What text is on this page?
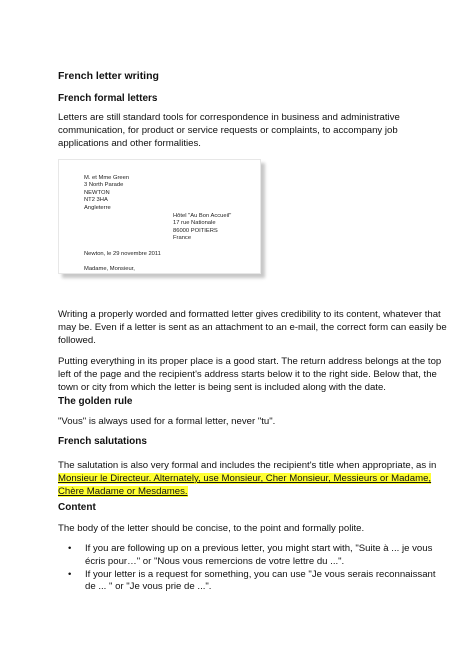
French letter writing
French formal letters
Letters are still standard tools for correspondence in business and administrative
communication, for product or service requests or complaints, to accompany job
applications and other formalities.
M. et Mme Green
3 North Parade
NEWTON
NT2 3HA
Angleterre
Hôtel "Au Bon Accueil"
17 rue Nationale
86000 POITIERS
France
Newton, le 29 novembre 2011
Madame, Monsieur,
Writing a properly worded and formatted letter gives credibility to its content, whatever that
may be. Even if a letter is sent as an attachment to an e-mail, the correct form can easily be
followed.
Putting everything in its proper place is a good start. The return address belongs at the top
left of the page and the recipient's address starts below it to the right side. Below that, the
town or city from which the letter is being sent is included along with the date.
The golden rule
"Vous" is always used for a formal letter, never "tu".
French salutations
The salutation is also very formal and includes the recipient's title when appropriate, as in
Monsieur le Directeur. Alternately, use Monsieur, Cher Monsieur, Messieurs or Madame,
Chère Madame or Mesdames.
Content
The body of the letter should be concise, to the point and formally polite.
• If you are following up on a previous letter, you might start with, "Suite à ... je vous
écris pour…" or "Nous vous remercions de votre lettre du ...".
• If your letter is a request for something, you can use "Je vous serais reconnaissant
de ... " or "Je vous prie de ...".
